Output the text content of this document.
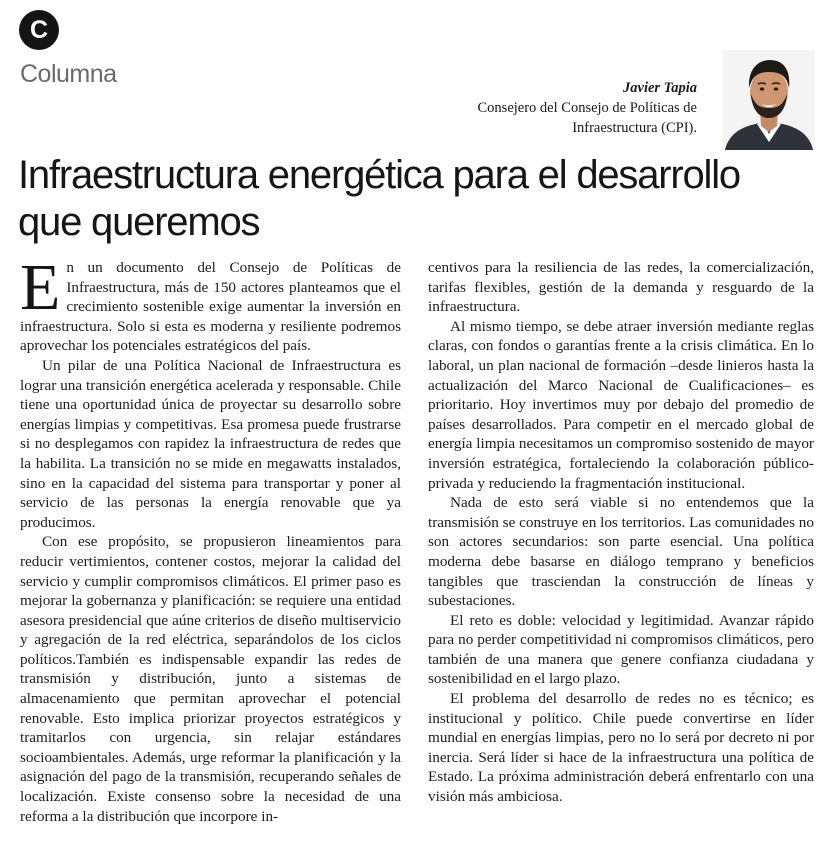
C
Columna	Javier Tapia
Consejero del Consejo de Políticas de Infraestructura (CPI).
Infraestructura energética para el desarrollo que queremos

En un documento del Consejo de Políticas de Infraestructura, más de 150 actores planteamos que el crecimiento sostenible exige aumentar la inversión en infraestructura. Solo si esta es moderna y resiliente podremos aprovechar los potenciales estratégicos del país.

Un pilar de una Política Nacional de Infraestructura es lograr una transición energética acelerada y responsable. Chile tiene una oportunidad única de proyectar su desarrollo sobre energías limpias y competitivas. Esa promesa puede frustrarse si no desplegamos con rapidez la infraestructura de redes que la habilita. La transición no se mide en megawatts instalados, sino en la capacidad del sistema para transportar y poner al servicio de las personas la energía renovable que ya producimos.

Con ese propósito, se propusieron lineamientos para reducir vertimientos, contener costos, mejorar la calidad del servicio y cumplir compromisos climáticos. El primer paso es mejorar la gobernanza y planificación: se requiere una entidad asesora presidencial que aúne criterios de diseño multiservicio y agregación de la red eléctrica, separándolos de los ciclos políticos.También es indispensable expandir las redes de transmisión y distribución, junto a sistemas de almacenamiento que permitan aprovechar el potencial renovable. Esto implica priorizar proyectos estratégicos y tramitarlos con urgencia, sin relajar estándares socioambientales. Además, urge reformar la planificación y la asignación del pago de la transmisión, recuperando señales de localización. Existe consenso sobre la necesidad de una reforma a la distribución que incorpore in-

centivos para la resiliencia de las redes, la comercialización, tarifas flexibles, gestión de la demanda y resguardo de la infraestructura.

Al mismo tiempo, se debe atraer inversión mediante reglas claras, con fondos o garantías frente a la crisis climática. En lo laboral, un plan nacional de formación –desde linieros hasta la actualización del Marco Nacional de Cualificaciones– es prioritario. Hoy invertimos muy por debajo del promedio de países desarrollados. Para competir en el mercado global de energía limpia necesitamos un compromiso sostenido de mayor inversión estratégica, fortaleciendo la colaboración público-privada y reduciendo la fragmentación institucional.

Nada de esto será viable si no entendemos que la transmisión se construye en los territorios. Las comunidades no son actores secundarios: son parte esencial. Una política moderna debe basarse en diálogo temprano y beneficios tangibles que trasciendan la construcción de líneas y subestaciones.

El reto es doble: velocidad y legitimidad. Avanzar rápido para no perder competitividad ni compromisos climáticos, pero también de una manera que genere confianza ciudadana y sostenibilidad en el largo plazo.

El problema del desarrollo de redes no es técnico; es institucional y político. Chile puede convertirse en líder mundial en energías limpias, pero no lo será por decreto ni por inercia. Será líder si hace de la infraestructura una política de Estado. La próxima administración deberá enfrentarlo con una visión más ambiciosa.
